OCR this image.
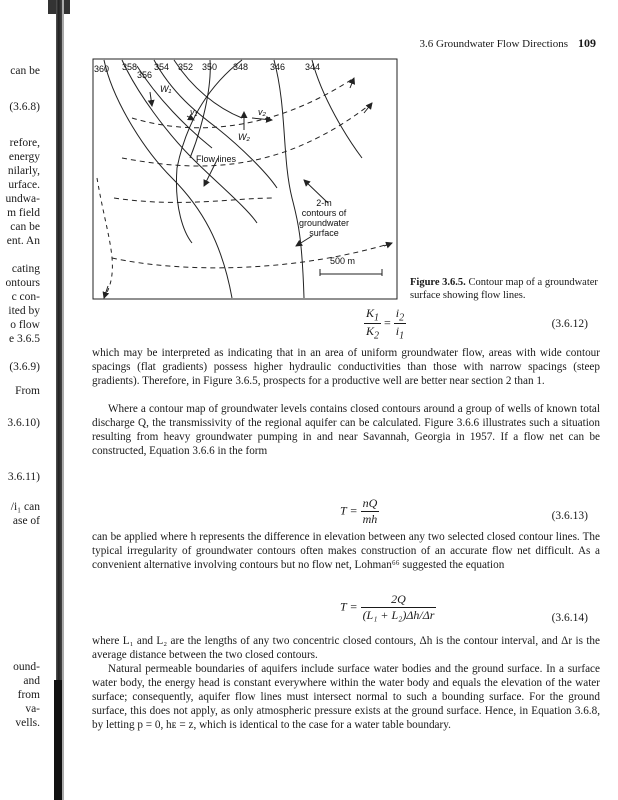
can be
(3.6.8)
refore,
energy
nilarly,
urface.
undwa-
m field
can be
ent. An
cating
ontours
c con-
ited by
o flow
e 3.6.5
(3.6.9)
From
3.6.10)
3.6.11)
/i₁ can
ase of
ound-
and
from
va-
vells.
3.6 Groundwater Flow Directions 109
360 358
356
354 352 350 348 346 344
W₁
v₁	v₂
W₂
Flow lines
500 m
2-m contours of groundwater surface
Figure 3.6.5. Contour map of a groundwater surface showing flow lines.
$\frac{K_1}{K_2} = \frac{i_2}{i_1}$	(3.6.12)
which may be interpreted as indicating that in an area of uniform groundwater flow, areas with wide contour spacings (flat gradients) possess higher hydraulic conductivities than those with narrow spacings (steep gradients). Therefore, in Figure 3.6.5, prospects for a productive well are better near section 2 than 1.
Where a contour map of groundwater levels contains closed contours around a group of wells of known total discharge Q, the transmissivity of the regional aquifer can be calculated. Figure 3.6.6 illustrates such a situation resulting from heavy groundwater pumping in and near Savannah, Georgia in 1957. If a flow net can be constructed, Equation 3.6.6 in the form
$T = \frac{nQ}{mh}$	(3.6.13)
can be applied where h represents the difference in elevation between any two selected closed contour lines. The typical irregularity of groundwater contours often makes construction of an accurate flow net difficult. As a convenient alternative involving contours but no flow net, Lohman⁶⁶ suggested the equation
$T = \frac{2Q}{\text{(L₁ + L₂)Δh/Δr}}$	(3.6.14)
where L₁ and L₂ are the lengths of any two concentric closed contours, Δh is the contour interval, and Δr is the average distance between the two closed contours.
Natural permeable boundaries of aquifers include surface water bodies and the ground surface. In a surface water body, the energy head is constant everywhere within the water body and equals the elevation of the water surface; consequently, aquifer flow lines must intersect normal to such a bounding surface. For the ground surface, this does not apply, as only atmospheric pressure exists at the ground surface. Hence, in Equation 3.6.8, by letting p = 0, hᴇ = z, which is identical to the case for a water table boundary.
